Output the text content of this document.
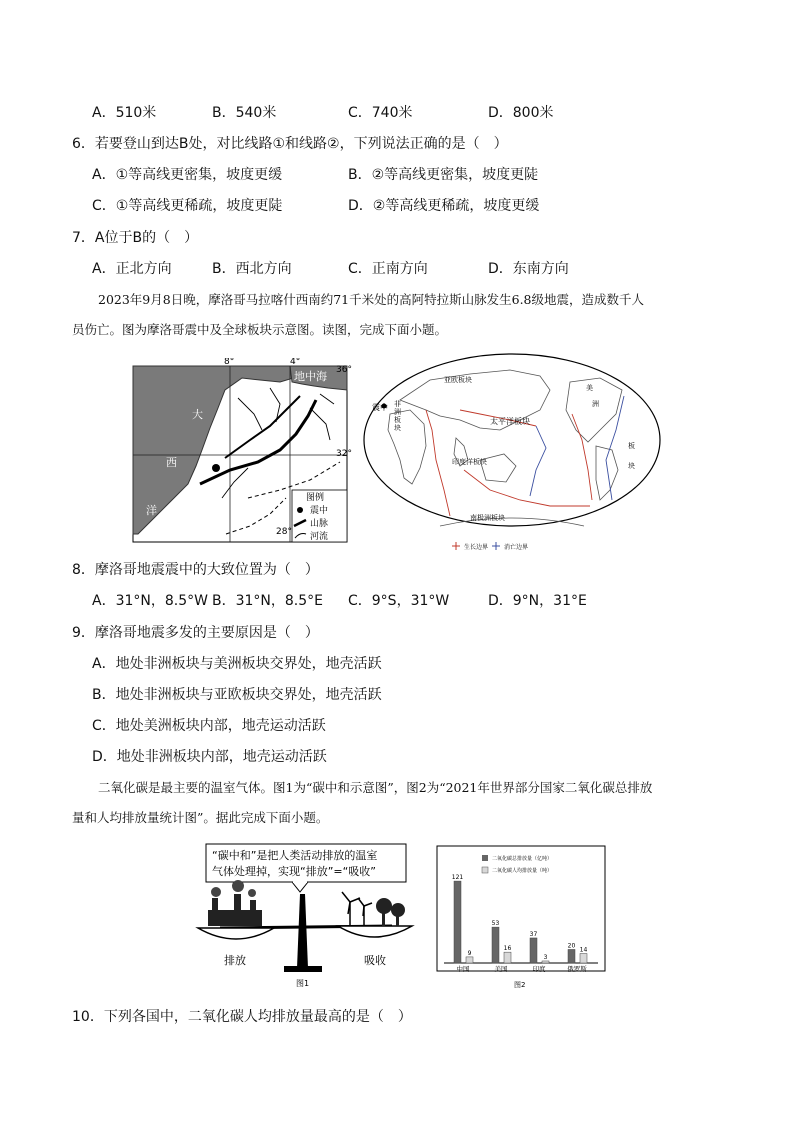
A．510米	B．540米	C．740米	D．800米
6．若要登山到达B处，对比线路①和线路②，下列说法正确的是（　）
A．①等高线更密集，坡度更缓	B．②等高线更密集，坡度更陡
C．①等高线更稀疏，坡度更陡	D．②等高线更稀疏，坡度更缓
7．A位于B的（　）
A．正北方向	B．西北方向	C．正南方向	D．东南方向
2023年9月8日晚，摩洛哥马拉喀什西南约71千米处的高阿特拉斯山脉发生6.8级地震，造成数千人
员伤亡。图为摩洛哥震中及全球板块示意图。读图，完成下面小题。
8°	4°
36°
32°
28°
地中海
大
西
洋
图例
震中
山脉
河流
亚欧板块
非
洲
板
块
震中
太平洋板块
印度洋板块
南极洲板块
美
洲
板
块
生长边界	消亡边界
8．摩洛哥地震震中的大致位置为（　）
A．31°N，8.5°W B．31°N，8.5°E C．9°S，31°W	D．9°N，31°E
9．摩洛哥地震多发的主要原因是（　）
A．地处非洲板块与美洲板块交界处，地壳活跃
B．地处非洲板块与亚欧板块交界处，地壳活跃
C．地处美洲板块内部，地壳运动活跃
D．地处非洲板块内部，地壳运动活跃
二氧化碳是最主要的温室气体。图1为“碳中和示意图”，图2为“2021年世界部分国家二氧化碳总排放
量和人均排放量统计图”。据此完成下面小题。
“碳中和”是把人类活动排放的温室
气体处理掉，实现“排放”=“吸收”
排放	吸收
图1
二氧化碳总排放量（亿吨）
二氧化碳人均排放量（吨）
121
9
中国
53
16
美国
37
3
印度
20
14
俄罗斯
图2
10．下列各国中，二氧化碳人均排放量最高的是（　）
